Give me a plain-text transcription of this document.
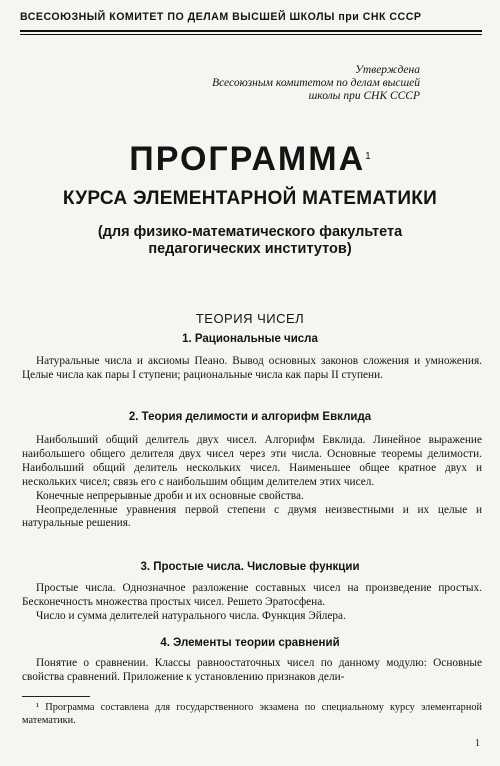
ВСЕСОЮЗНЫЙ КОМИТЕТ ПО ДЕЛАМ ВЫСШЕЙ ШКОЛЫ при СНК СССР
Утверждена
Всесоюзным комитетом по делам высшей
школы при СНК СССР
ПРОГРАММА$^1$
КУРСА ЭЛЕМЕНТАРНОЙ МАТЕМАТИКИ
(для физико-математического факультета
педагогических институтов)
ТЕОРИЯ ЧИСЕЛ
1. Рациональные числа

Натуральные числа и аксиомы Пеано. Вывод основных законов сложения и умножения. Целые числа как пары I ступени; рациональные числа как пары II ступени.

2. Теория делимости и алгорифм Евклида

Наибольший общий делитель двух чисел. Алгорифм Евклида. Линейное выражение наибольшего общего делителя двух чисел через эти числа. Основные теоремы делимости. Наибольший общий делитель нескольких чисел. Наименьшее общее кратное двух и нескольких чисел; связь его с наибольшим общим делителем этих чисел.

Конечные непрерывные дроби и их основные свойства.

Неопределенные уравнения первой степени с двумя неизвестными и их целые и натуральные решения.

3. Простые числа. Числовые функции

Простые числа. Однозначное разложение составных чисел на произведение простых. Бесконечность множества простых чисел. Решето Эратосфена.

Число и сумма делителей натурального числа. Функция Эйлера.

4. Элементы теории сравнений

Понятие о сравнении. Классы равноостаточных чисел по данному модулю: Основные свойства сравнений. Приложение к установлению признаков дели-

¹ Программа составлена для государственного экзамена по специальному курсу элементарной математики.
1
